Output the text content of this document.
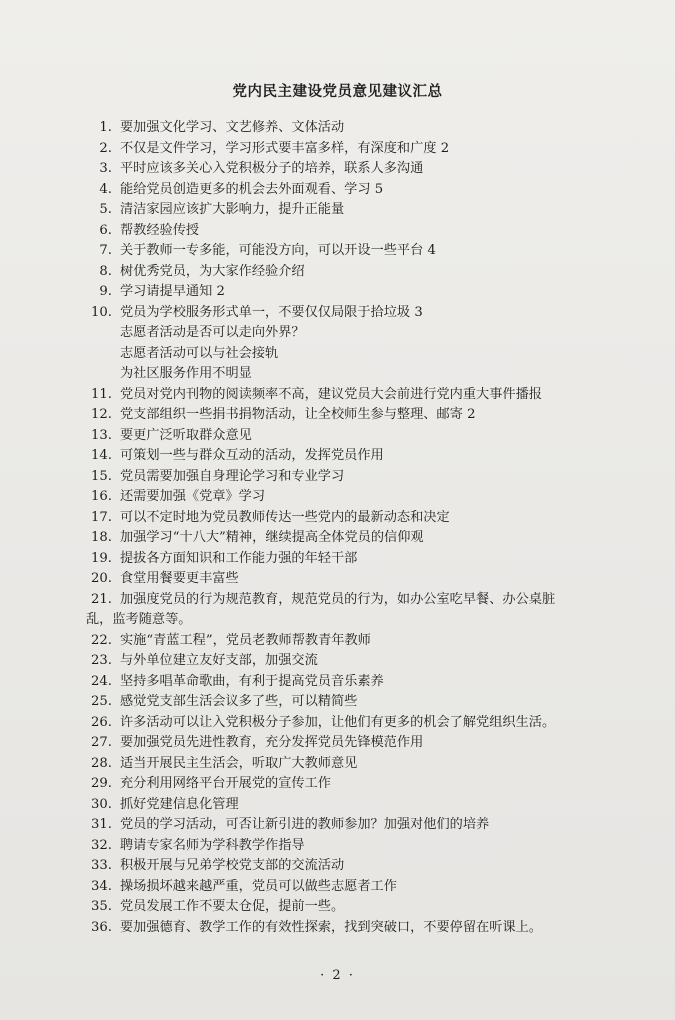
党内民主建设党员意见建议汇总
1. 要加强文化学习、文艺修养、文体活动
2. 不仅是文件学习，学习形式要丰富多样，有深度和广度 2
3. 平时应该多关心入党积极分子的培养，联系人多沟通
4. 能给党员创造更多的机会去外面观看、学习 5
5. 清洁家园应该扩大影响力，提升正能量
6. 帮教经验传授
7. 关于教师一专多能，可能没方向，可以开设一些平台 4
8. 树优秀党员，为大家作经验介绍
9. 学习请提早通知 2
10. 党员为学校服务形式单一，不要仅仅局限于拾垃圾 3
志愿者活动是否可以走向外界？
志愿者活动可以与社会接轨
为社区服务作用不明显
11. 党员对党内刊物的阅读频率不高，建议党员大会前进行党内重大事件播报
12. 党支部组织一些捐书捐物活动，让全校师生参与整理、邮寄 2
13. 要更广泛听取群众意见
14. 可策划一些与群众互动的活动，发挥党员作用
15. 党员需要加强自身理论学习和专业学习
16. 还需要加强《党章》学习
17. 可以不定时地为党员教师传达一些党内的最新动态和决定
18. 加强学习“十八大”精神，继续提高全体党员的信仰观
19. 提拔各方面知识和工作能力强的年轻干部
20. 食堂用餐要更丰富些
21. 加强度党员的行为规范教育，规范党员的行为，如办公室吃早餐、办公桌脏
乱，监考随意等。
22. 实施“青蓝工程”，党员老教师帮教青年教师
23. 与外单位建立友好支部，加强交流
24. 坚持多唱革命歌曲，有利于提高党员音乐素养
25. 感觉党支部生活会议多了些，可以精简些
26. 许多活动可以让入党积极分子参加，让他们有更多的机会了解党组织生活。
27. 要加强党员先进性教育，充分发挥党员先锋模范作用
28. 适当开展民主生活会，听取广大教师意见
29. 充分利用网络平台开展党的宣传工作
30. 抓好党建信息化管理
31. 党员的学习活动，可否让新引进的教师参加？加强对他们的培养
32. 聘请专家名师为学科教学作指导
33. 积极开展与兄弟学校党支部的交流活动
34. 操场损坏越来越严重，党员可以做些志愿者工作
35. 党员发展工作不要太仓促，提前一些。
36. 要加强德育、教学工作的有效性探索，找到突破口，不要停留在听课上。
· 2 ·
